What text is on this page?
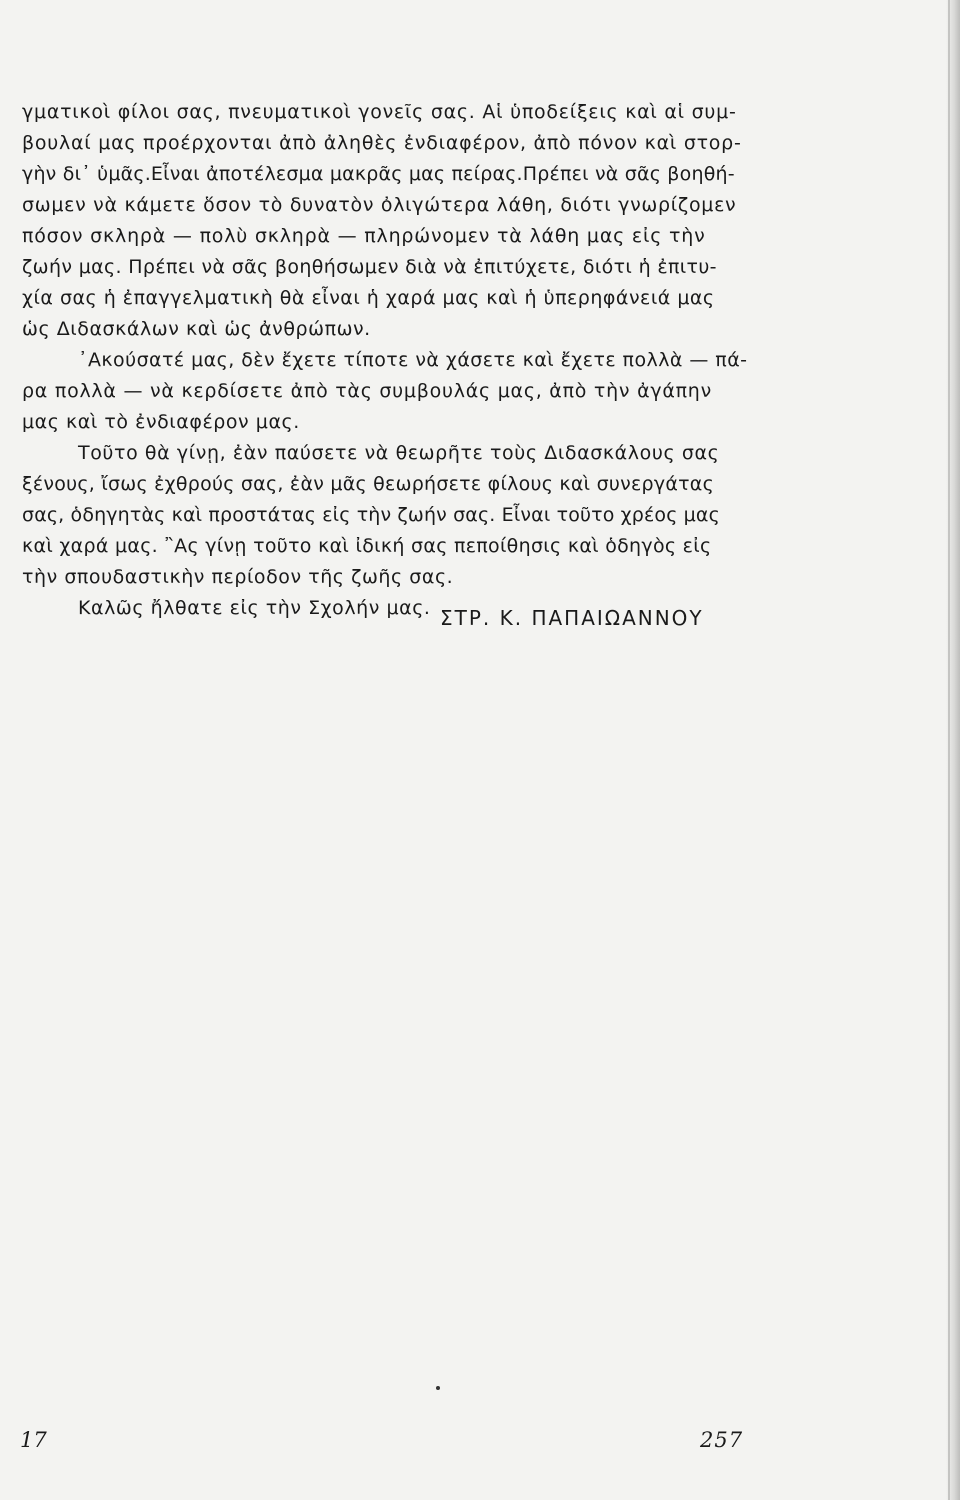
γματικοὶ φίλοι σας, πνευματικοὶ γονεῖς σας. Αἱ ὑποδείξεις καὶ αἱ συμ-
βουλαί μας προέρχονται ἀπὸ ἀληθὲς ἐνδιαφέρον, ἀπὸ πόνον καὶ στορ-
γὴν δι᾽ ὑμᾶς.Εἶναι ἀποτέλεσμα μακρᾶς μας πείρας.Πρέπει νὰ σᾶς βοηθή-
σωμεν νὰ κάμετε ὅσον τὸ δυνατὸν ὀλιγώτερα λάθη, διότι γνωρίζομεν
πόσον σκληρὰ — πολὺ σκληρὰ — πληρώνομεν τὰ λάθη μας εἰς τὴν
ζωήν μας. Πρέπει νὰ σᾶς βοηθήσωμεν διὰ νὰ ἐπιτύχετε, διότι ἡ ἐπιτυ-
χία σας ἡ ἐπαγγελματικὴ θὰ εἶναι ἡ χαρά μας καὶ ἡ ὑπερηφάνειά μας
ὡς Διδασκάλων καὶ ὡς ἀνθρώπων.
᾿Ακούσατέ μας, δὲν ἔχετε τίποτε νὰ χάσετε καὶ ἔχετε πολλὰ — πά-
ρα πολλὰ — νὰ κερδίσετε ἀπὸ τὰς συμβουλάς μας, ἀπὸ τὴν ἀγάπην
μας καὶ τὸ ἐνδιαφέρον μας.
Τοῦτο θὰ γίνῃ, ἐὰν παύσετε νὰ θεωρῆτε τοὺς Διδασκάλους σας
ξένους, ἴσως ἐχθρούς σας, ἐὰν μᾶς θεωρήσετε φίλους καὶ συνεργάτας
σας, ὁδηγητὰς καὶ προστάτας εἰς τὴν ζωήν σας. Εἶναι τοῦτο χρέος μας
καὶ χαρά μας. ῍Ας γίνῃ τοῦτο καὶ ἰδική σας πεποίθησις καὶ ὁδηγὸς εἰς
τὴν σπουδαστικὴν περίοδον τῆς ζωῆς σας.
Καλῶς ἤλθατε εἰς τὴν Σχολήν μας. ΣΤΡ. Κ. ΠΑΠΑΙΩΑΝΝΟΥ
17	257
